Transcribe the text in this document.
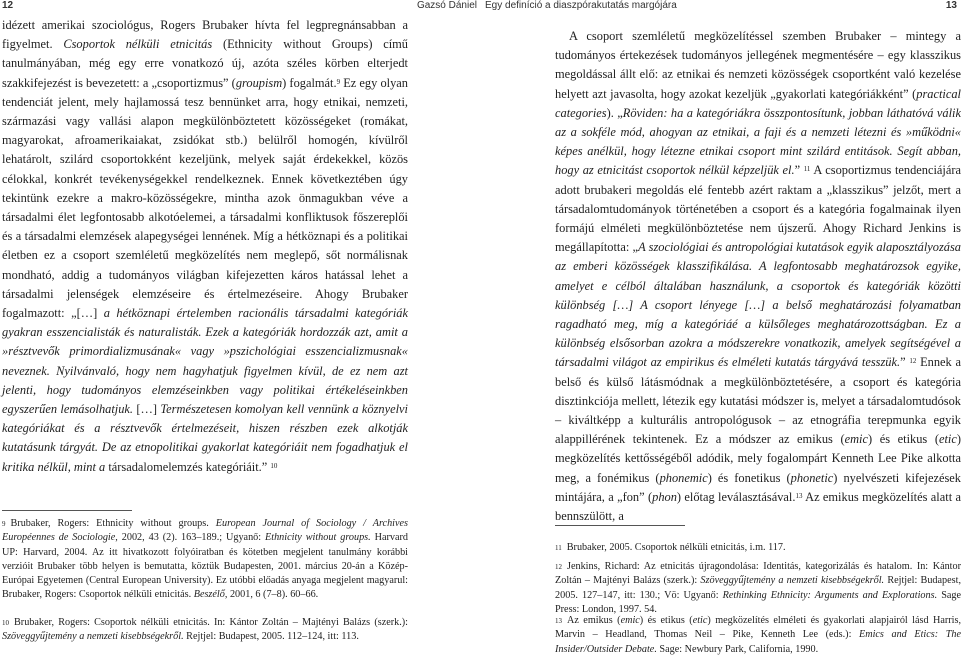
12	Gazsó Dániel

idézett amerikai szociológus, Rogers Brubaker hívta fel legpregnánsabban a figyelmet. Csoportok nélküli etnicitás (Ethnicity without Groups) című tanulmányában, még egy erre vonatkozó új, azóta széles körben elterjedt szakkifejezést is bevezetett: a „csoportizmus” (groupism) fogalmát.$^9$ Ez egy olyan tendenciát jelent, mely hajlamossá tesz bennünket arra, hogy etnikai, nemzeti, származási vagy vallási alapon megkülönböztetett közösségeket (romákat, magyarokat, afroamerikaiakat, zsidókat stb.) belülről homogén, kívülről lehatárolt, szilárd csoportokként kezeljünk, melyek saját érdekekkel, közös célokkal, konkrét tevékenységekkel rendelkeznek. Ennek következtében úgy tekintünk ezekre a makro-közösségekre, mintha azok önmagukban véve a társadalmi élet legfontosabb alkotóelemei, a társadalmi konfliktusok főszereplői és a társadalmi elemzések alapegységei lennének. Míg a hétköznapi és a politikai életben ez a csoport szemléletű megközelítés nem meglepő, sőt normálisnak mondható, addig a tudományos világban kifejezetten káros hatással lehet a társadalmi jelenségek elemzéseire és értelmezéseire. Ahogy Brubaker fogalmazott: „[…] a hétköznapi értelemben racionális társadalmi kategóriák gyakran esszencialisták és naturalisták. Ezek a kategóriák hordozzák azt, amit a »résztvevők primordializmusának« vagy »pszichológiai esszencializmusnak« neveznek. Nyilvánvaló, hogy nem hagyhatjuk figyelmen kívül, de ez nem azt jelenti, hogy tudományos elemzéseinkben vagy politikai értékeléseinkben egyszerűen lemásolhatjuk. […] Természetesen komolyan kell vennünk a köznyelvi kategóriákat és a résztvevők értelmezéseit, hiszen részben ezek alkotják kutatásunk tárgyát. De az etnopolitikai gyakorlat kategóriáit nem fogadhatjuk el kritika nélkül, mint a társadalomelemzés kategóriáit.” $^{10}$

$^9$ Brubaker, Rogers: Ethnicity without groups. European Journal of Sociology / Archives Européennes de Sociologie, 2002, 43 (2). 163–189.; Ugyanő: Ethnicity without groups. Harvard UP: Harvard, 2004. Az itt hivatkozott folyóiratban és kötetben megjelent tanulmány korábbi verzióit Brubaker több helyen is bemutatta, köztük Budapesten, 2001. március 20-án a Közép-Európai Egyetemen (Central European University). Ez utóbbi előadás anyaga megjelent magyarul: Brubaker, Rogers: Csoportok nélküli etnicitás. Beszélő, 2001, 6 (7–8). 60–66.
$^{10}$ Brubaker, Rogers: Csoportok nélküli etnicitás. In: Kántor Zoltán – Majtényi Balázs (szerk.): Szöveggyűjtemény a nemzeti kisebbségekről. Rejtjel: Budapest, 2005. 112–124, itt: 113.
Egy definíció a diaszpórakutatás margójára	13

A csoport szemléletű megközelítéssel szemben Brubaker – mintegy a tudományos értekezések tudományos jellegének megmentésére – egy klasszikus megoldással állt elő: az etnikai és nemzeti közösségek csoportként való kezelése helyett azt javasolta, hogy azokat kezeljük „gyakorlati kategóriákként” (practical categories). „Röviden: ha a kategóriákra összpontosítunk, jobban láthatóvá válik az a sokféle mód, ahogyan az etnikai, a faji és a nemzeti létezni és »működni« képes anélkül, hogy létezne etnikai csoport mint szilárd entitások. Segít abban, hogy az etnicitást csoportok nélkül képzeljük el.” $^{11}$ A csoportizmus tendenciájára adott brubakeri megoldás elé fentebb azért raktam a „klasszikus” jelzőt, mert a társadalomtudományok történetében a csoport és a kategória fogalmainak ilyen formájú elméleti megkülönböztetése nem újszerű. Ahogy Richard Jenkins is megállapította: „A szociológiai és antropológiai kutatások egyik alaposztályozása az emberi közösségek klasszifikálása. A legfontosabb meghatározsok egyike, amelyet e célból általában használunk, a csoportok és kategóriák közötti különbség […] A csoport lényege […] a belső meghatározási folyamatban ragadható meg, míg a kategóriáé a külsőleges meghatározottságban. Ez a különbség elsősorban azokra a módszerekre vonatkozik, amelyek segítségével a társadalmi világot az empirikus és elméleti kutatás tárgyává tesszük.” $^{12}$ Ennek a belső és külső látásmódnak a megkülönböztetésére, a csoport és kategória disztinkciója mellett, létezik egy kutatási módszer is, melyet a társadalomtudósok – kiváltképp a kulturális antropológusok – az etnográfia terepmunka egyik alappillérének tekintenek. Ez a módszer az emikus (emic) és etikus (etic) megközelítés kettősségéből adódik, mely fogalompárt Kenneth Lee Pike alkotta meg, a fonémikus (phonemic) és fonetikus (phonetic) nyelvészeti kifejezések mintájára, a „fon” (phon) előtag leválasztásával.$^{13}$ Az emikus megközelítés alatt a bennszülött, a

$^{11}$ Brubaker, 2005. Csoportok nélküli etnicitás, i.m. 117.
$^{12}$ Jenkins, Richard: Az etnicitás újragondolása: Identitás, kategorizálás és hatalom. In: Kántor Zoltán – Majtényi Balázs (szerk.): Szöveggyűjtemény a nemzeti kisebbségekről. Rejtjel: Budapest, 2005. 127–147, itt: 130.; Vö: Ugyanő: Rethinking Ethnicity: Arguments and Explorations. Sage Press: London, 1997. 54.
$^{13}$ Az emikus (emic) és etikus (etic) megközelítés elméleti és gyakorlati alapjairól lásd Harris, Marvin – Headland, Thomas Neil – Pike, Kenneth Lee (eds.): Emics and Etics: The Insider/Outsider Debate. Sage: Newbury Park, California, 1990.
